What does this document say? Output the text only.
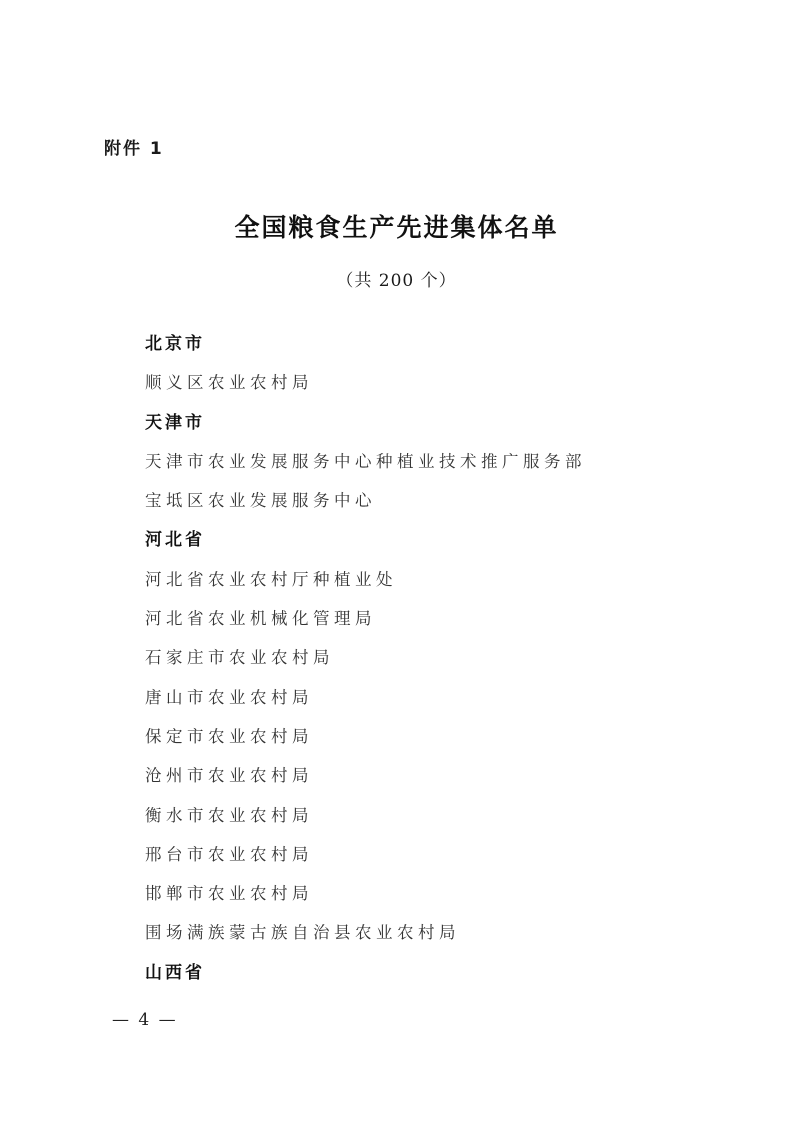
附件 1
全国粮食生产先进集体名单
（共 200 个）
北京市
顺义区农业农村局
天津市
天津市农业发展服务中心种植业技术推广服务部
宝坻区农业发展服务中心
河北省
河北省农业农村厅种植业处
河北省农业机械化管理局
石家庄市农业农村局
唐山市农业农村局
保定市农业农村局
沧州市农业农村局
衡水市农业农村局
邢台市农业农村局
邯郸市农业农村局
围场满族蒙古族自治县农业农村局
山西省
— 4 —
